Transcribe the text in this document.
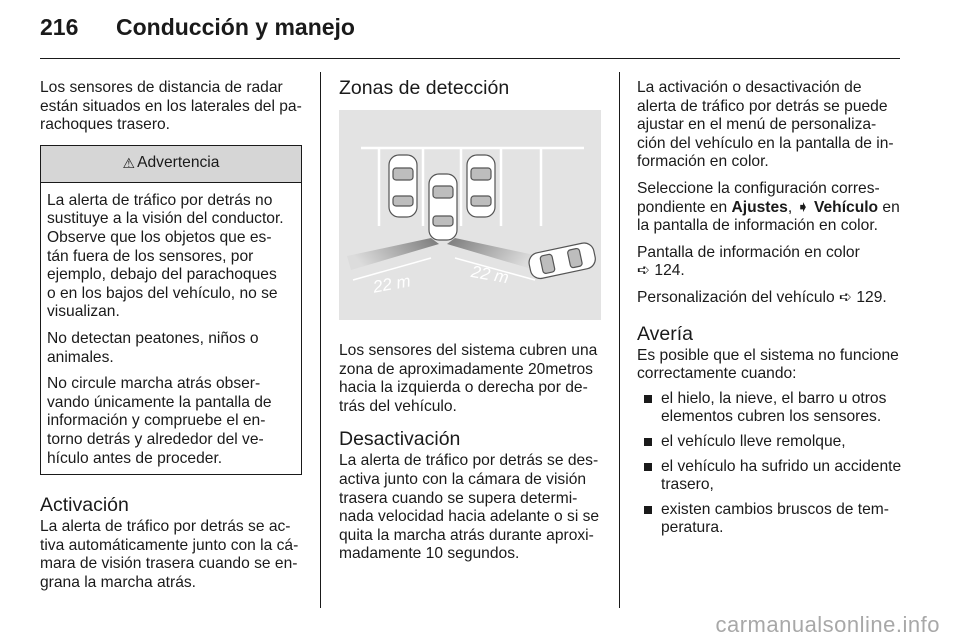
216 Conducción y manejo

Los sensores de distancia de radar
están situados en los laterales del pa-
rachoques trasero.

⚠ Advertencia

La alerta de tráfico por detrás no
sustituye a la visión del conductor.
Observe que los objetos que es-
tán fuera de los sensores, por
ejemplo, debajo del parachoques
o en los bajos del vehículo, no se
visualizan.

No detectan peatones, niños o
animales.

No circule marcha atrás obser-
vando únicamente la pantalla de
información y compruebe el en-
torno detrás y alrededor del ve-
hículo antes de proceder.

Activación
La alerta de tráfico por detrás se ac-
tiva automáticamente junto con la cá-
mara de visión trasera cuando se en-
grana la marcha atrás.
Zonas de detección
22 m	22 m

Los sensores del sistema cubren una
zona de aproximadamente 20metros
hacia la izquierda o derecha por de-
trás del vehículo.

Desactivación
La alerta de tráfico por detrás se des-
activa junto con la cámara de visión
trasera cuando se supera determi-
nada velocidad hacia adelante o si se
quita la marcha atrás durante aproxi-
madamente 10 segundos.

La activación o desactivación de
alerta de tráfico por detrás se puede
ajustar en el menú de personaliza-
ción del vehículo en la pantalla de in-
formación en color.

Seleccione la configuración corres-
pondiente en Ajustes, ➧ Vehículo en
la pantalla de información en color.

Pantalla de información en color
➪ 124.

Personalización del vehículo ➪ 129.

Avería
Es posible que el sistema no funcione
correctamente cuando:
el hielo, la nieve, el barro u otros
elementos cubren los sensores.
el vehículo lleve remolque,
el vehículo ha sufrido un accidente
trasero,
existen cambios bruscos de tem-
peratura.
carmanualsonline.info
